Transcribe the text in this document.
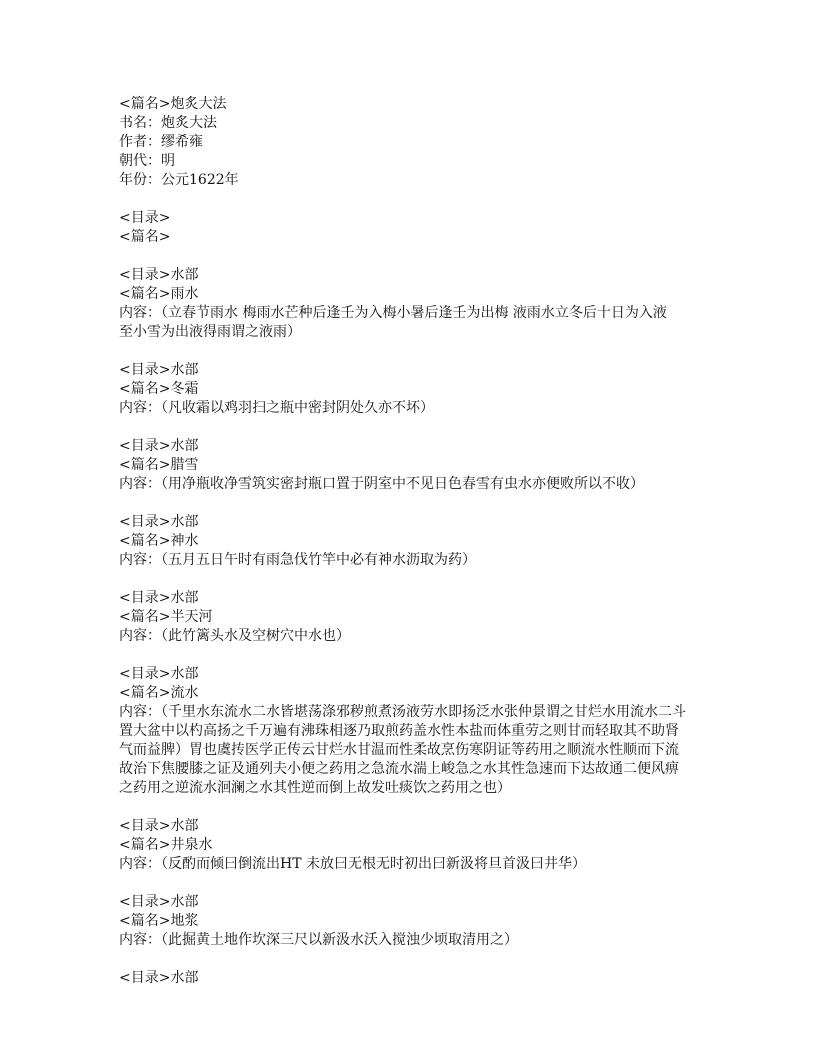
<篇名>炮炙大法
书名：炮炙大法
作者：缪希雍
朝代：明
年份：公元1622年
<目录>
<篇名>
<目录>水部
<篇名>雨水
内容：（立春节雨水 梅雨水芒种后逢壬为入梅小暑后逢壬为出梅 液雨水立冬后十日为入液
至小雪为出液得雨谓之液雨）
<目录>水部
<篇名>冬霜
内容：（凡收霜以鸡羽扫之瓶中密封阴处久亦不坏）
<目录>水部
<篇名>腊雪
内容：（用净瓶收净雪筑实密封瓶口置于阴室中不见日色春雪有虫水亦便败所以不收）
<目录>水部
<篇名>神水
内容：（五月五日午时有雨急伐竹竿中必有神水沥取为药）
<目录>水部
<篇名>半天河
内容：（此竹篱头水及空树穴中水也）
<目录>水部
<篇名>流水
内容：（千里水东流水二水皆堪荡涤邪秽煎煮汤液劳水即扬泛水张仲景谓之甘烂水用流水二斗
置大盆中以杓高扬之千万遍有沸珠相逐乃取煎药盖水性本盐而体重劳之则甘而轻取其不助肾
气而益脾）胃也虞抟医学正传云甘烂水甘温而性柔故烹伤寒阴证等药用之顺流水性顺而下流
故治下焦腰膝之证及通列夫小便之药用之急流水湍上峻急之水其性急速而下达故通二便风痹
之药用之逆流水洄澜之水其性逆而倒上故发吐痰饮之药用之也）
<目录>水部
<篇名>井泉水
内容：（反酌而倾曰倒流出HT 未放曰无根无时初出曰新汲将旦首汲曰井华）
<目录>水部
<篇名>地浆
内容：（此掘黄土地作坎深三尺以新汲水沃入搅浊少顷取清用之）
<目录>水部
